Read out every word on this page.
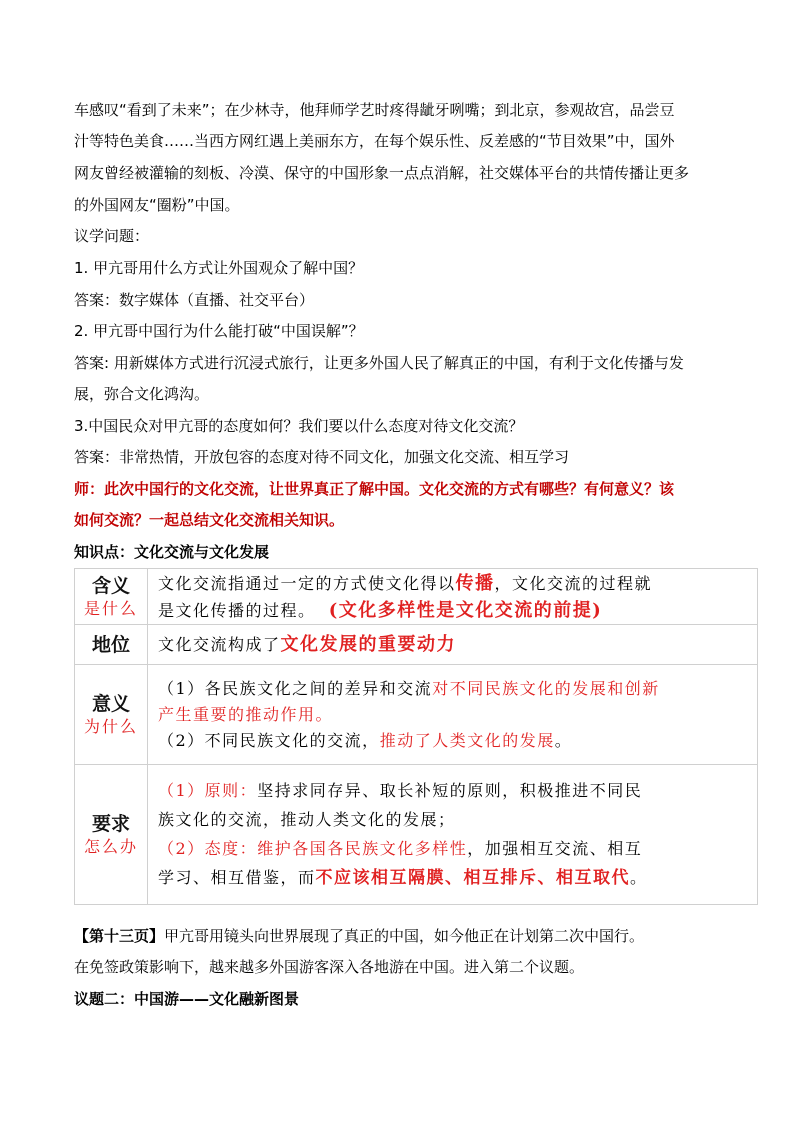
车感叹“看到了未来”；在少林寺，他拜师学艺时疼得龇牙咧嘴；到北京，参观故宫，品尝豆
汁等特色美食……当西方网红遇上美丽东方，在每个娱乐性、反差感的“节目效果”中，国外
网友曾经被灌输的刻板、冷漠、保守的中国形象一点点消解，社交媒体平台的共情传播让更多
的外国网友“圈粉”中国。
议学问题：
1. 甲亢哥用什么方式让外国观众了解中国？
答案：数字媒体（直播、社交平台）
2. 甲亢哥中国行为什么能打破“中国误解”？
答案: 用新媒体方式进行沉浸式旅行，让更多外国人民了解真正的中国，有利于文化传播与发
展，弥合文化鸿沟。
3.中国民众对甲亢哥的态度如何？我们要以什么态度对待文化交流？
答案：非常热情，开放包容的态度对待不同文化，加强文化交流、相互学习
师：此次中国行的文化交流，让世界真正了解中国。文化交流的方式有哪些？有何意义？该
如何交流？一起总结文化交流相关知识。
知识点：文化交流与文化发展
含义
是什么	文化交流指通过一定的方式使文化得以传播，文化交流的过程就
是文化传播的过程。 (文化多样性是文化交流的前提)

地位	文化交流构成了文化发展的重要动力

意义
为什么	（1）各民族文化之间的差异和交流对不同民族文化的发展和创新
产生重要的推动作用。
（2）不同民族文化的交流，推动了人类文化的发展。

要求
怎么办	（1）原则：坚持求同存异、取长补短的原则，积极推进不同民
族文化的交流，推动人类文化的发展；
（2）态度：维护各国各民族文化多样性，加强相互交流、相互
学习、相互借鉴，而不应该相互隔膜、相互排斥、相互取代。
【第十三页】甲亢哥用镜头向世界展现了真正的中国，如今他正在计划第二次中国行。
在免签政策影响下，越来越多外国游客深入各地游在中国。进入第二个议题。
议题二：中国游——文化融新图景
